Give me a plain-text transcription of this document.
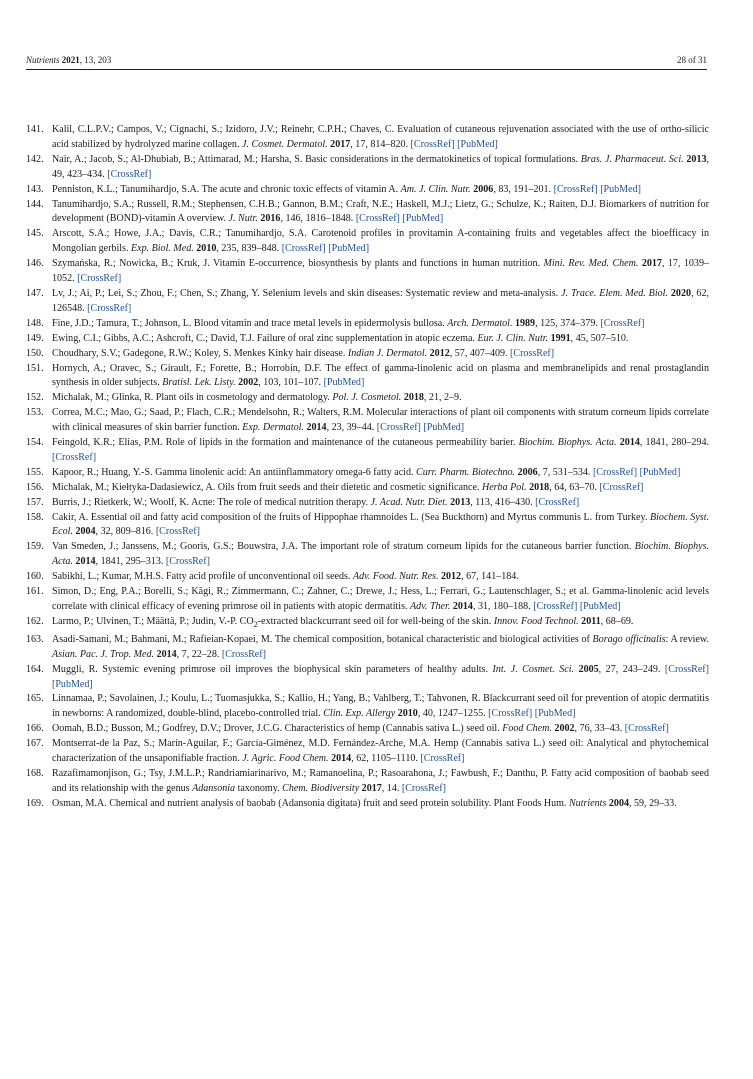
Nutrients 2021, 13, 203	28 of 31
141. Kalil, C.L.P.V.; Campos, V.; Cignachi, S.; Izidoro, J.V.; Reinehr, C.P.H.; Chaves, C. Evaluation of cutaneous rejuvenation associated with the use of ortho-silicic acid stabilized by hydrolyzed marine collagen. J. Cosmet. Dermatol. 2017, 17, 814–820. [CrossRef] [PubMed]
142. Nair, A.; Jacob, S.; Al-Dhubiab, B.; Attimarad, M.; Harsha, S. Basic considerations in the dermatokinetics of topical formulations. Bras. J. Pharmaceut. Sci. 2013, 49, 423–434. [CrossRef]
143. Penniston, K.L.; Tanumihardjo, S.A. The acute and chronic toxic effects of vitamin A. Am. J. Clin. Nutr. 2006, 83, 191–201. [CrossRef] [PubMed]
144. Tanumihardjo, S.A.; Russell, R.M.; Stephensen, C.H.B.; Gannon, B.M.; Craft, N.E.; Haskell, M.J.; Lietz, G.; Schulze, K.; Raiten, D.J. Biomarkers of nutrition for development (BOND)-vitamin A overview. J. Nutr. 2016, 146, 1816–1848. [CrossRef] [PubMed]
145. Arscott, S.A.; Howe, J.A.; Davis, C.R.; Tanumihardjo, S.A. Carotenoid profiles in provitamin A-containing fruits and vegetables affect the bioefficacy in Mongolian gerbils. Exp. Biol. Med. 2010, 235, 839–848. [CrossRef] [PubMed]
146. Szymańska, R.; Nowicka, B.; Kruk, J. Vitamin E-occurrence, biosynthesis by plants and functions in human nutrition. Mini. Rev. Med. Chem. 2017, 17, 1039–1052. [CrossRef]
147. Lv, J.; Ai, P.; Lei, S.; Zhou, F.; Chen, S.; Zhang, Y. Selenium levels and skin diseases: Systematic review and meta-analysis. J. Trace. Elem. Med. Biol. 2020, 62, 126548. [CrossRef]
148. Fine, J.D.; Tamura, T.; Johnson, L. Blood vitamin and trace metal levels in epidermolysis bullosa. Arch. Dermatol. 1989, 125, 374–379. [CrossRef]
149. Ewing, C.I.; Gibbs, A.C.; Ashcroft, C.; David, T.J. Failure of oral zinc supplementation in atopic eczema. Eur. J. Clin. Nutr. 1991, 45, 507–510.
150. Choudhary, S.V.; Gadegone, R.W.; Koley, S. Menkes Kinky hair disease. Indian J. Dermatol. 2012, 57, 407–409. [CrossRef]
151. Hornych, A.; Oravec, S.; Girault, F.; Forette, B.; Horrobin, D.F. The effect of gamma-linolenic acid on plasma and membranelipids and renal prostaglandin synthesis in older subjects. Bratisl. Lek. Listy. 2002, 103, 101–107. [PubMed]
152. Michalak, M.; Glinka, R. Plant oils in cosmetology and dermatology. Pol. J. Cosmetol. 2018, 21, 2–9.
153. Correa, M.C.; Mao, G.; Saad, P.; Flach, C.R.; Mendelsohn, R.; Walters, R.M. Molecular interactions of plant oil components with stratum corneum lipids correlate with clinical measures of skin barrier function. Exp. Dermatol. 2014, 23, 39–44. [CrossRef] [PubMed]
154. Feingold, K.R.; Elias, P.M. Role of lipids in the formation and maintenance of the cutaneous permeability barier. Biochim. Biophys. Acta. 2014, 1841, 280–294. [CrossRef]
155. Kapoor, R.; Huang, Y.-S. Gamma linolenic acid: An antiinflammatory omega-6 fatty acid. Curr. Pharm. Biotechno. 2006, 7, 531–534. [CrossRef] [PubMed]
156. Michalak, M.; Kiełtyka-Dadasiewicz, A. Oils from fruit seeds and their dietetic and cosmetic significance. Herba Pol. 2018, 64, 63–70. [CrossRef]
157. Burris, J.; Rietkerk, W.; Woolf, K. Acne: The role of medical nutrition therapy. J. Acad. Nutr. Diet. 2013, 113, 416–430. [CrossRef]
158. Cakir, A. Essential oil and fatty acid composition of the fruits of Hippophae rhamnoides L. (Sea Buckthorn) and Myrtus communis L. from Turkey. Biochem. Syst. Ecol. 2004, 32, 809–816. [CrossRef]
159. Van Smeden, J.; Janssens, M.; Gooris, G.S.; Bouwstra, J.A. The important role of stratum corneum lipids for the cutaneous barrier function. Biochim. Biophys. Acta. 2014, 1841, 295–313. [CrossRef]
160. Sabikhi, L.; Kumar, M.H.S. Fatty acid profile of unconventional oil seeds. Adv. Food. Nutr. Res. 2012, 67, 141–184.
161. Simon, D.; Eng, P.A.; Borelli, S.; Kägi, R.; Zimmermann, C.; Zahner, C.; Drewe, J.; Hess, L.; Ferrari, G.; Lautenschlager, S.; et al. Gamma-linolenic acid levels correlate with clinical efficacy of evening primrose oil in patients with atopic dermatitis. Adv. Ther. 2014, 31, 180–188. [CrossRef] [PubMed]
162. Larmo, P.; Ulvinen, T.; Määttä, P.; Judin, V.-P. $CO_2$-extracted blackcurrant seed oil for well-being of the skin. Innov. Food Technol. 2011, 68–69.
163. Asadi-Samani, M.; Bahmani, M.; Rafieian-Kopaei, M. The chemical composition, botanical characteristic and biological activities of Borago officinalis: A review. Asian. Pac. J. Trop. Med. 2014, 7, 22–28. [CrossRef]
164. Muggli, R. Systemic evening primrose oil improves the biophysical skin parameters of healthy adults. Int. J. Cosmet. Sci. 2005, 27, 243–249. [CrossRef] [PubMed]
165. Linnamaa, P.; Savolainen, J.; Koulu, L.; Tuomasjukka, S.; Kallio, H.; Yang, B.; Vahlberg, T.; Tahvonen, R. Blackcurrant seed oil for prevention of atopic dermatitis in newborns: A randomized, double-blind, placebo-controlled trial. Clin. Exp. Allergy 2010, 40, 1247–1255. [CrossRef] [PubMed]
166. Oomah, B.D.; Busson, M.; Godfrey, D.V.; Drover, J.C.G. Characteristics of hemp (Cannabis sativa L.) seed oil. Food Chem. 2002, 76, 33–43. [CrossRef]
167. Montserrat-de la Paz, S.; Marín-Aguilar, F.; García-Giménez, M.D. Fernández-Arche, M.A. Hemp (Cannabis sativa L.) seed oil: Analytical and phytochemical characterization of the unsaponifiable fraction. J. Agric. Food Chem. 2014, 62, 1105–1110. [CrossRef]
168. Razafimamonjison, G.; Tsy, J.M.L.P.; Randriamiarinarivo, M.; Ramanoelina, P.; Rasoarahona, J.; Fawbush, F.; Danthu, P. Fatty acid composition of baobab seed and its relationship with the genus Adansonia taxonomy. Chem. Biodiversity 2017, 14. [CrossRef]
169. Osman, M.A. Chemical and nutrient analysis of baobab (Adansonia digitata) fruit and seed protein solubility. Plant Foods Hum. Nutrients 2004, 59, 29–33.
